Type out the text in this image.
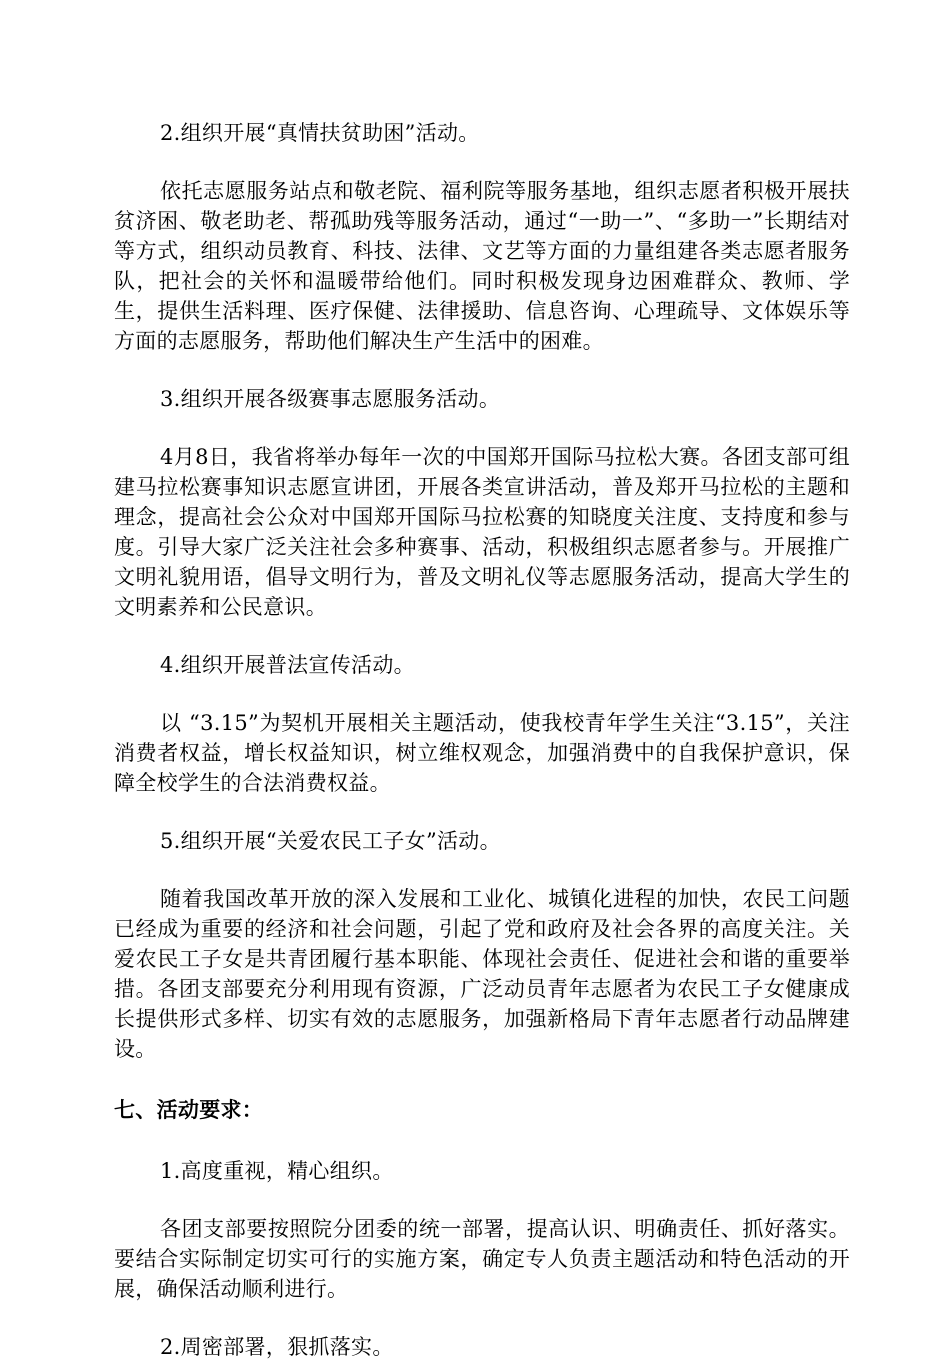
2.组织开展“真情扶贫助困”活动。

依托志愿服务站点和敬老院、福利院等服务基地，组织志愿者积极开展扶贫济困、敬老助老、帮孤助残等服务活动，通过“一助一”、“多助一”长期结对等方式，组织动员教育、科技、法律、文艺等方面的力量组建各类志愿者服务队，把社会的关怀和温暖带给他们。同时积极发现身边困难群众、教师、学生，提供生活料理、医疗保健、法律援助、信息咨询、心理疏导、文体娱乐等方面的志愿服务，帮助他们解决生产生活中的困难。

3.组织开展各级赛事志愿服务活动。

4月8日，我省将举办每年一次的中国郑开国际马拉松大赛。各团支部可组建马拉松赛事知识志愿宣讲团，开展各类宣讲活动，普及郑开马拉松的主题和理念，提高社会公众对中国郑开国际马拉松赛的知晓度关注度、支持度和参与度。引导大家广泛关注社会多种赛事、活动，积极组织志愿者参与。开展推广文明礼貌用语，倡导文明行为，普及文明礼仪等志愿服务活动，提高大学生的文明素养和公民意识。

4.组织开展普法宣传活动。

以 “3.15”为契机开展相关主题活动，使我校青年学生关注“3.15”，关注消费者权益，增长权益知识，树立维权观念，加强消费中的自我保护意识，保障全校学生的合法消费权益。

5.组织开展“关爱农民工子女”活动。

随着我国改革开放的深入发展和工业化、城镇化进程的加快，农民工问题已经成为重要的经济和社会问题，引起了党和政府及社会各界的高度关注。关爱农民工子女是共青团履行基本职能、体现社会责任、促进社会和谐的重要举措。各团支部要充分利用现有资源，广泛动员青年志愿者为农民工子女健康成长提供形式多样、切实有效的志愿服务，加强新格局下青年志愿者行动品牌建设。

七、活动要求：

1.高度重视，精心组织。

各团支部要按照院分团委的统一部署，提高认识、明确责任、抓好落实。要结合实际制定切实可行的实施方案，确定专人负责主题活动和特色活动的开展，确保活动顺利进行。

2.周密部署，狠抓落实。
